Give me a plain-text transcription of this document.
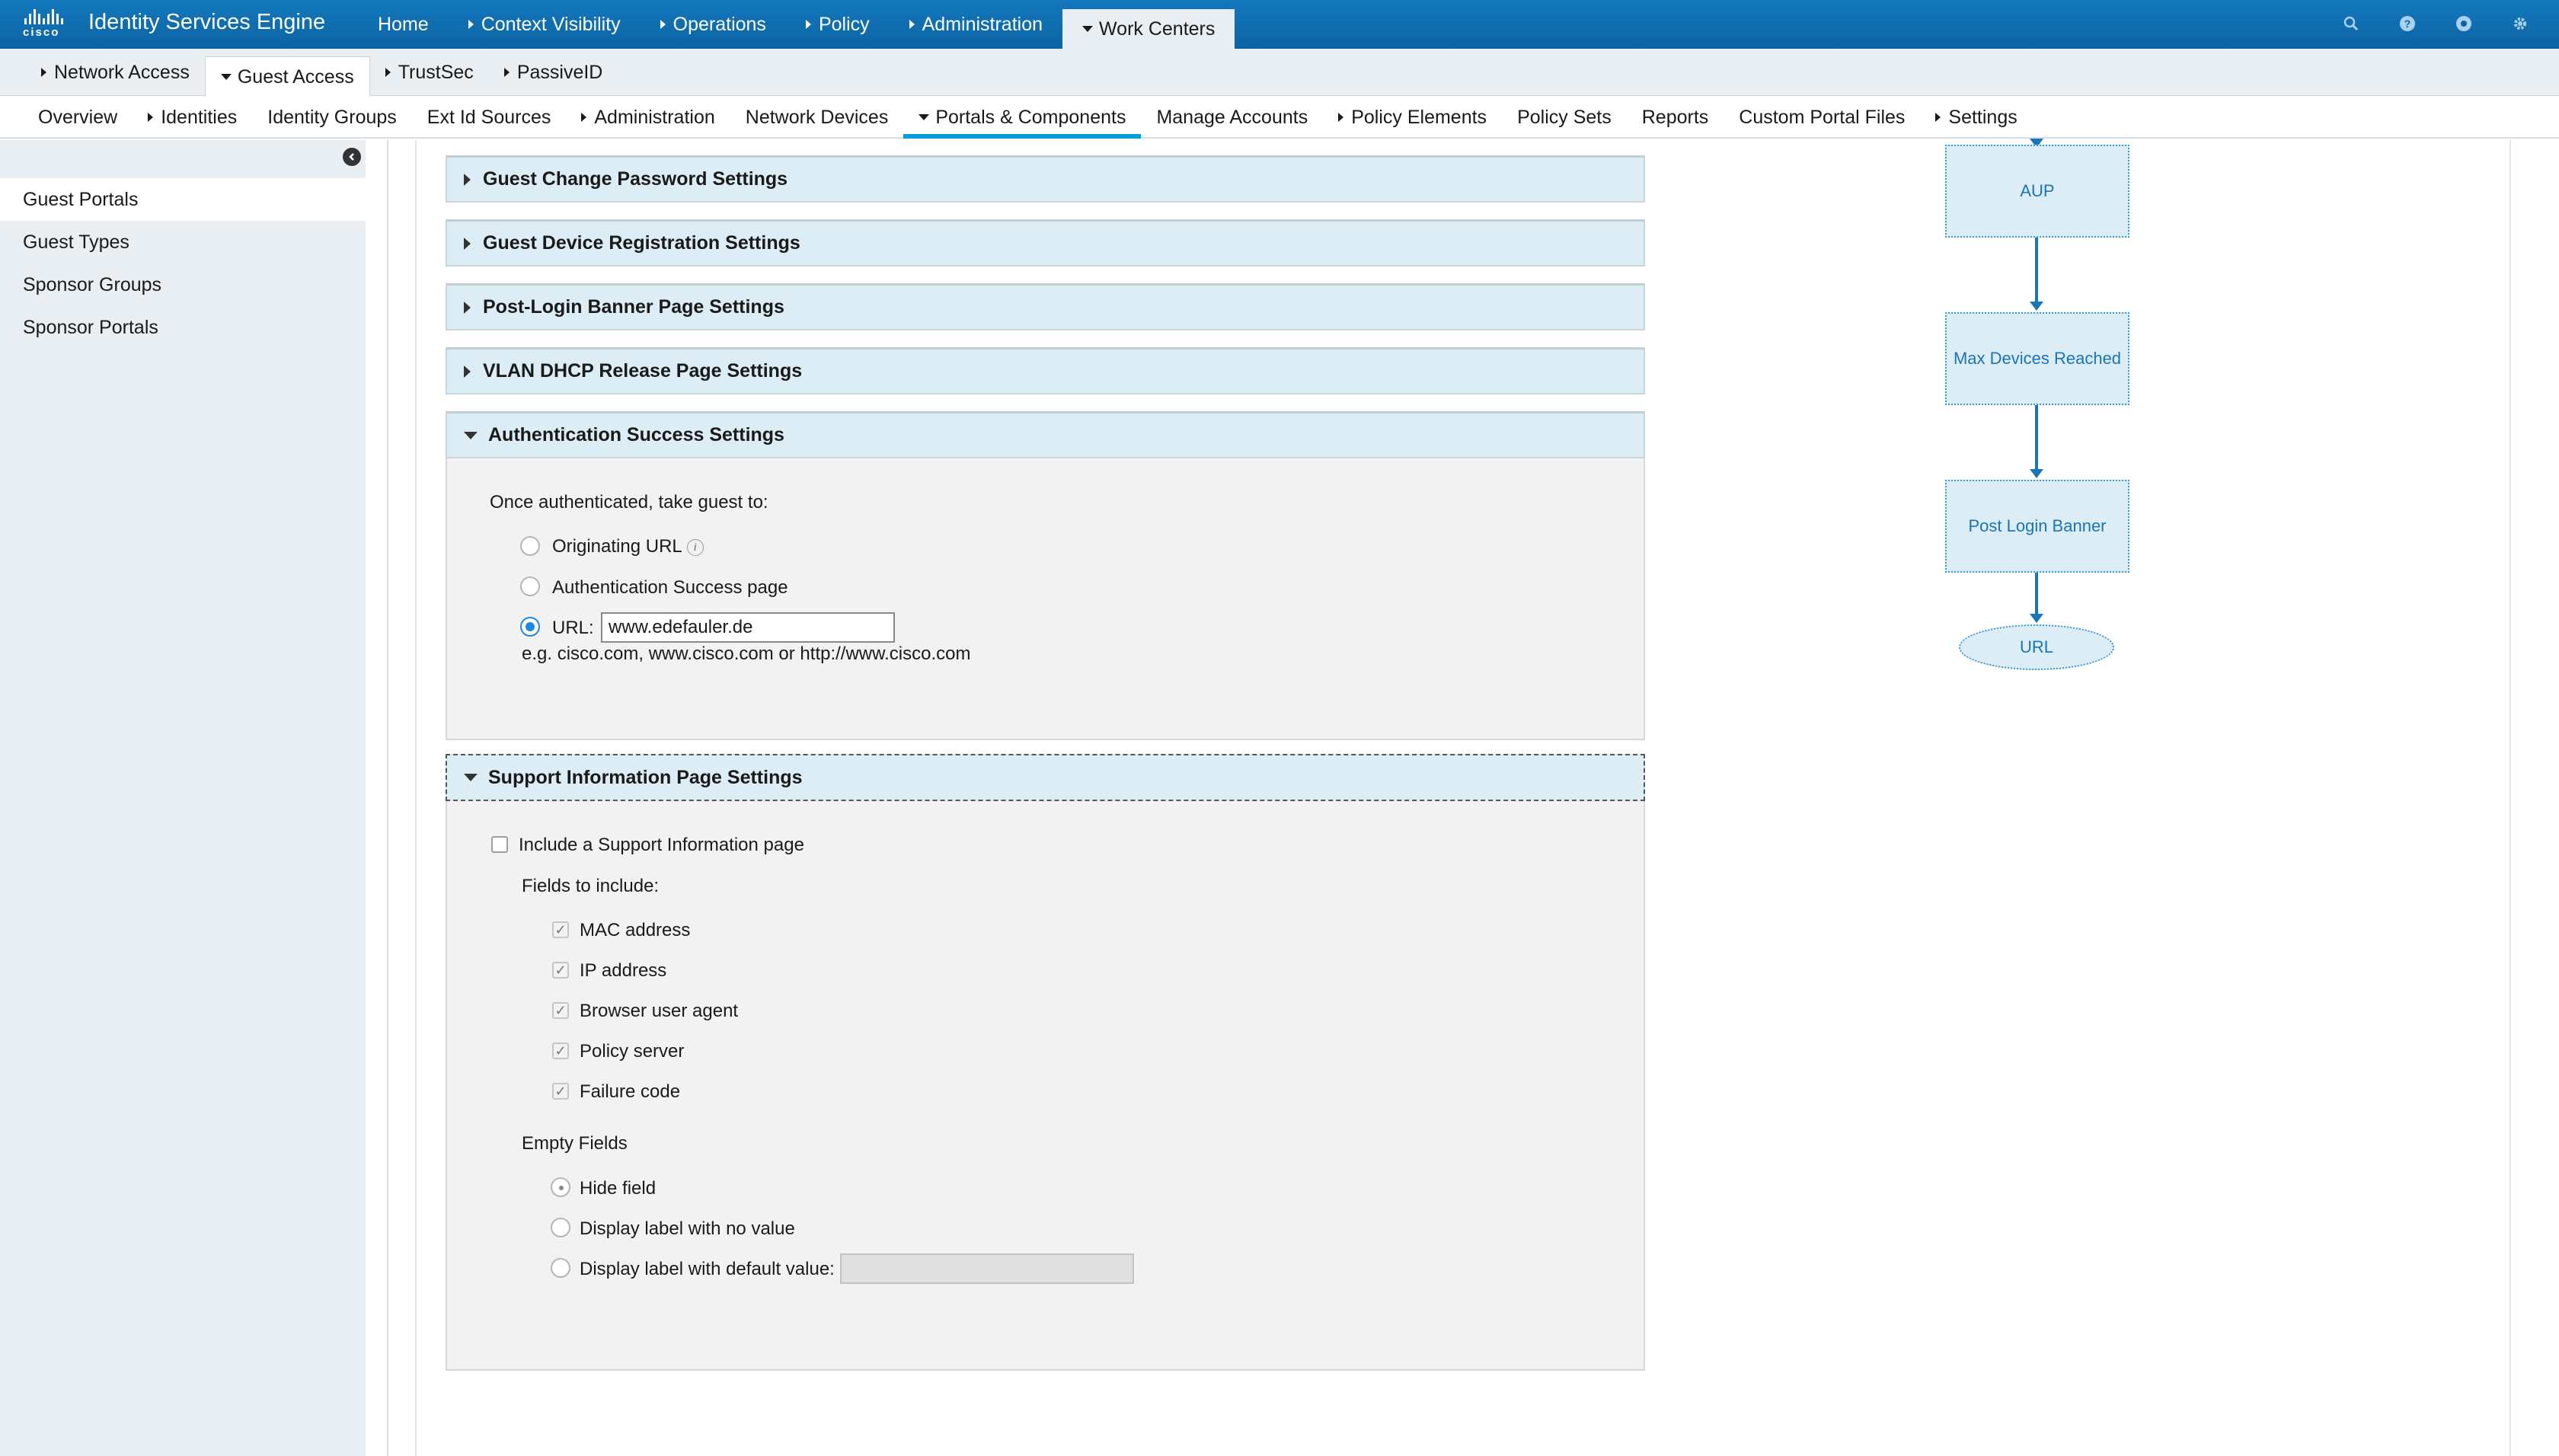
cisco	Identity Services Engine	Home	Context Visibility	Operations	Policy	Administration	Work Centers	?
Network Access	Guest Access TrustSec PassiveID
Overview Identities Identity Groups Ext Id Sources Administration Network Devices Portals & Components Manage Accounts Policy Elements Policy Sets Reports Custom Portal Files Settings
Guest Portals
Guest Types
Sponsor Groups
Sponsor Portals
Guest Change Password Settings
Guest Device Registration Settings
Post-Login Banner Page Settings
VLAN DHCP Release Page Settings
Authentication Success Settings
Once authenticated, take guest to:
Originating URL i
Authentication Success page
URL:
www.edefauler.de
e.g. cisco.com, www.cisco.com or http://www.cisco.com
Support Information Page Settings
Include a Support Information page
Fields to include:
✓ MAC address
✓ IP address
✓ Browser user agent
✓ Policy server
✓ Failure code
Empty Fields
Hide field
Display label with no value
Display label with default value:
AUP
Max Devices Reached
Post Login Banner
URL
